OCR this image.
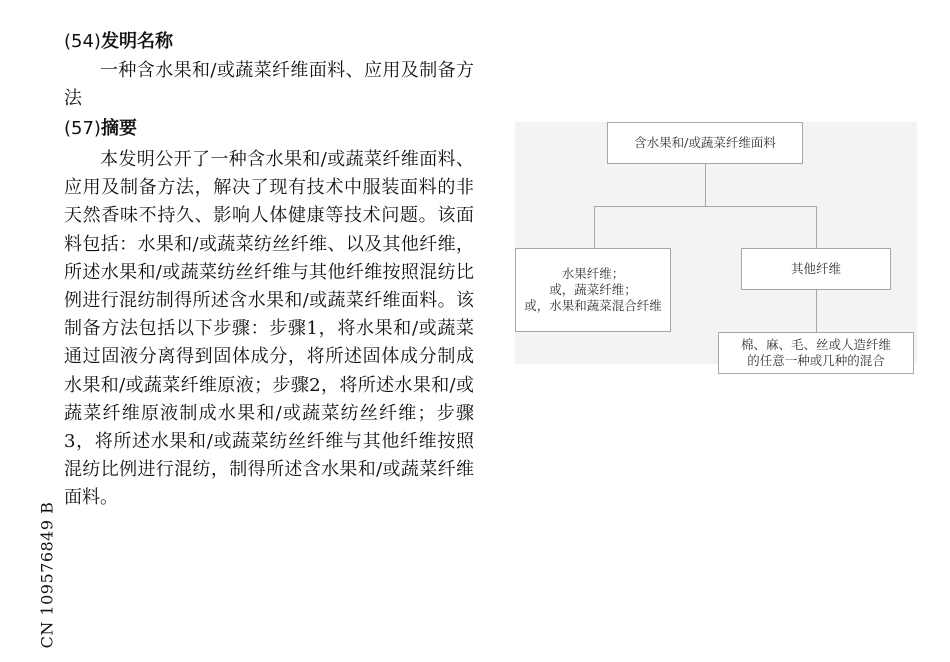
CN 109576849 B
(54)发明名称
一种含水果和/或蔬菜纤维面料、应用及制备方法
(57)摘要
本发明公开了一种含水果和/或蔬菜纤维面料、应用及制备方法，解决了现有技术中服装面料的非天然香味不持久、影响人体健康等技术问题。该面料包括：水果和/或蔬菜纺丝纤维、以及其他纤维，所述水果和/或蔬菜纺丝纤维与其他纤维按照混纺比例进行混纺制得所述含水果和/或蔬菜纤维面料。该制备方法包括以下步骤：步骤1，将水果和/或蔬菜通过固液分离得到固体成分，将所述固体成分制成水果和/或蔬菜纤维原液；步骤2，将所述水果和/或蔬菜纤维原液制成水果和/或蔬菜纺丝纤维；步骤3，将所述水果和/或蔬菜纺丝纤维与其他纤维按照混纺比例进行混纺，制得所述含水果和/或蔬菜纤维面料。
含水果和/或蔬菜纤维面料
水果纤维；
或，蔬菜纤维；
或，水果和蔬菜混合纤维
其他纤维
棉、麻、毛、丝或人造纤维
的任意一种或几种的混合
